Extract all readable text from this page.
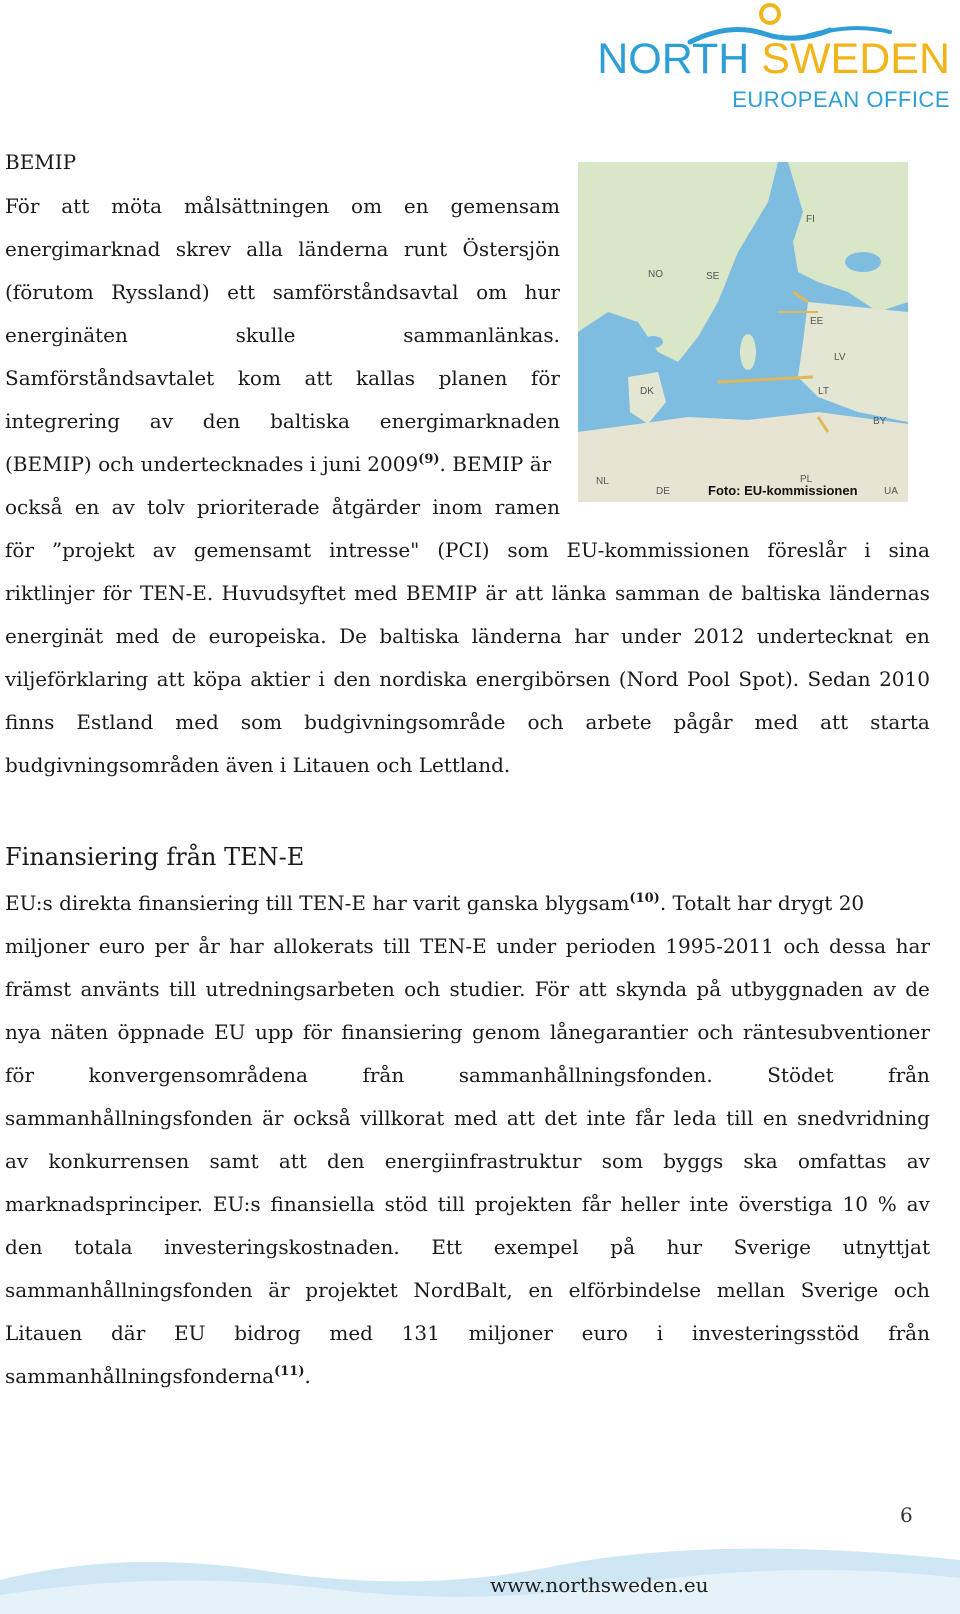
NORTH SWEDEN
EUROPEAN OFFICE
BEMIP
För att möta målsättningen om en gemensam
energimarknad skrev alla länderna runt Östersjön
(förutom Ryssland) ett samförståndsavtal om hur
energinäten	skulle	sammanlänkas.
Samförståndsavtalet kom att kallas planen för
integrering av den baltiska energimarknaden
(BEMIP) och undertecknades i juni 2009$^{(9)}$. BEMIP är
också en av tolv prioriterade åtgärder inom ramen
för ”projekt av gemensamt intresse" (PCI) som EU-kommissionen föreslår i sina
riktlinjer för TEN-E. Huvudsyftet med BEMIP är att länka samman de baltiska ländernas
energinät med de europeiska. De baltiska länderna har under 2012 undertecknat en
viljeförklaring att köpa aktier i den nordiska energibörsen (Nord Pool Spot). Sedan 2010
finns Estland med som budgivningsområde och arbete pågår med att starta
budgivningsområden även i Litauen och Lettland.
NO	SE
FI
EE
LV
LT
DK
BY
PL
DE
NL
UA
Foto: EU-kommissionen
Finansiering från TEN-E
EU:s direkta finansiering till TEN-E har varit ganska blygsam$^{(10)}$. Totalt har drygt 20
miljoner euro per år har allokerats till TEN-E under perioden 1995-2011 och dessa har
främst använts till utredningsarbeten och studier. För att skynda på utbyggnaden av de
nya näten öppnade EU upp för finansiering genom lånegarantier och räntesubventioner
för	konvergensområdena	från	sammanhållningsfonden.	Stödet	från
sammanhållningsfonden är också villkorat med att det inte får leda till en snedvridning
av konkurrensen samt att den energiinfrastruktur som byggs ska omfattas av
marknadsprinciper. EU:s finansiella stöd till projekten får heller inte överstiga 10 % av
den totala investeringskostnaden. Ett exempel på hur Sverige utnyttjat
sammanhållningsfonden är projektet NordBalt, en elförbindelse mellan Sverige och
Litauen där EU bidrog med 131 miljoner euro i investeringsstöd från
sammanhållningsfonderna$^{(11)}$.
6
www.northsweden.eu
